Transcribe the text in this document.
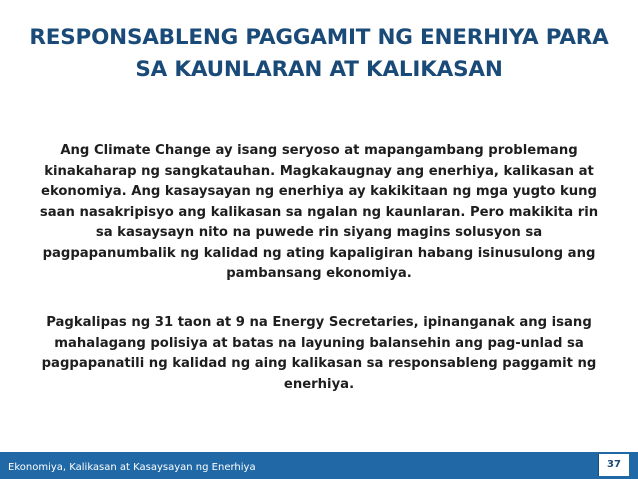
RESPONSABLENG PAGGAMIT NG ENERHIYA PARA SA KAUNLARAN AT KALIKASAN
Ang Climate Change ay isang seryoso at mapangambang problemang kinakaharap ng sangkatauhan. Magkakaugnay ang enerhiya, kalikasan at ekonomiya. Ang kasaysayan ng enerhiya ay kakikitaan ng mga yugto kung saan nasakripisyo ang kalikasan sa ngalan ng kaunlaran. Pero makikita rin sa kasaysayn nito na puwede rin siyang magins solusyon sa pagpapanumbalik ng kalidad ng ating kapaligiran habang isinusulong ang pambansang ekonomiya.
Pagkalipas ng 31 taon at 9 na Energy Secretaries, ipinanganak ang isang mahalagang polisiya at batas na layuning balansehin ang pag-unlad sa pagpapanatili ng kalidad ng aing kalikasan sa responsableng paggamit ng enerhiya.
Ekonomiya, Kalikasan at Kasaysayan ng Enerhiya	37
